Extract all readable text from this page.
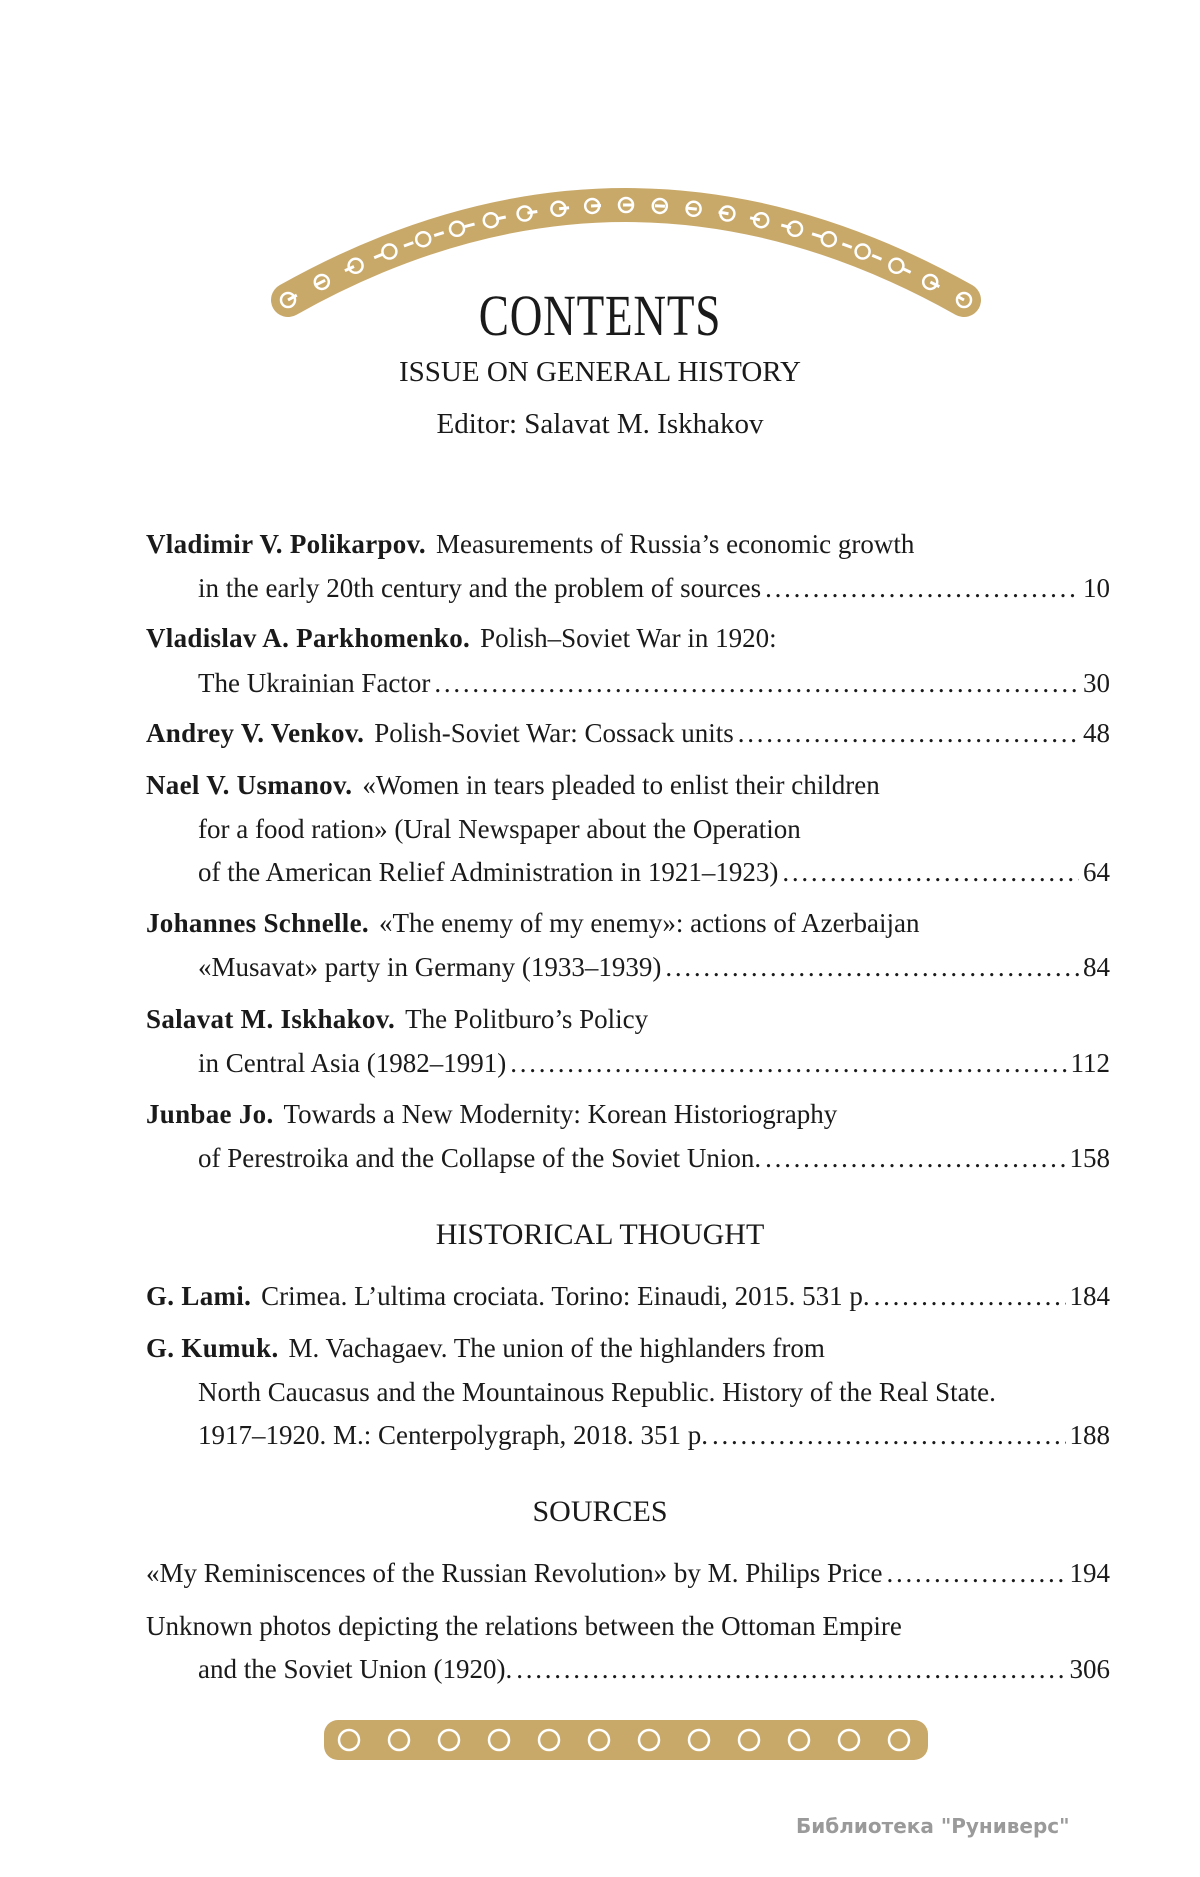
CONTENTS
ISSUE ON GENERAL HISTORY
Editor: Salavat M. Iskhakov
Vladimir V. Polikarpov. Measurements of Russia’s economic growth
in the early 20th century and the problem of sources . . .	10
Vladislav A. Parkhomenko. Polish–Soviet War in 1920:
The Ukrainian Factor . . .	30
Andrey V. Venkov. Polish-Soviet War: Cossack units . . .	48
Nael V. Usmanov. «Women in tears pleaded to enlist their children
for a food ration» (Ural Newspaper about the Operation
of the American Relief Administration in 1921–1923) . . .	64
Johannes Schnelle. «The enemy of my enemy»: actions of Azerbaijan
«Musavat» party in Germany (1933–1939) . . .	84
Salavat M. Iskhakov. The Politburo’s Policy
in Central Asia (1982–1991) . . .	112
Junbae Jo. Towards a New Modernity: Korean Historiography
of Perestroika and the Collapse of the Soviet Union. . . .	158
HISTORICAL THOUGHT
G. Lami. Crimea. L’ultima crociata. Torino: Einaudi, 2015. 531 p. . . .	184
G. Kumuk. M. Vachagaev. The union of the highlanders from
North Caucasus and the Mountainous Republic. History of the Real State.
1917–1920. M.: Centerpolygraph, 2018. 351 p. . . .	188
SOURCES
«My Reminiscences of the Russian Revolution» by M. Philips Price . . .	194
Unknown photos depicting the relations between the Ottoman Empire
and the Soviet Union (1920). . . .	306
Библиотека "Руниверс"
